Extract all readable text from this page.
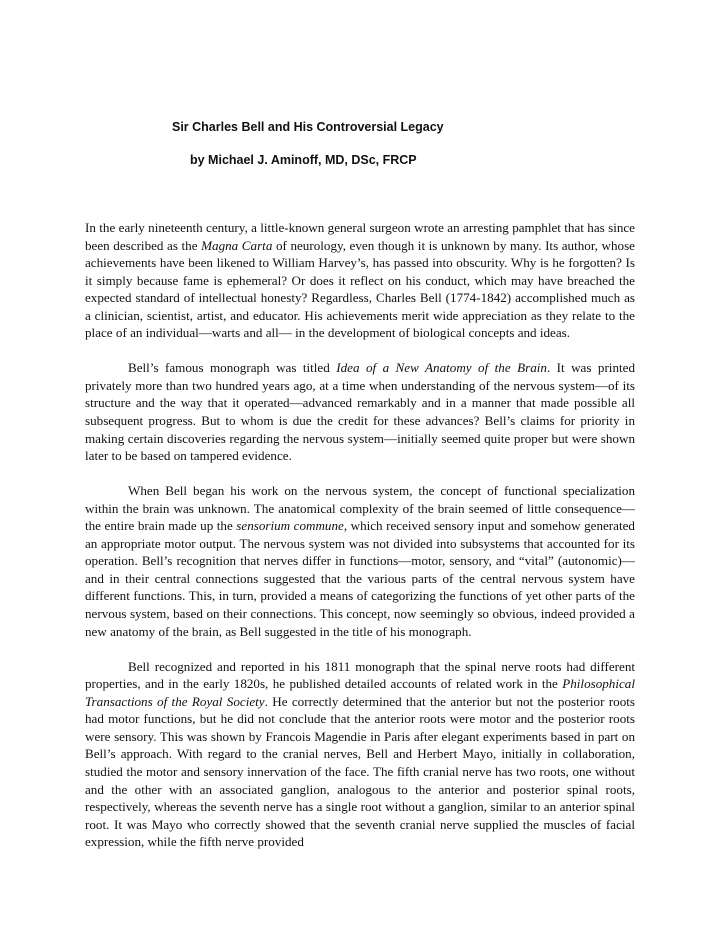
Sir Charles Bell and His Controversial Legacy
by Michael J. Aminoff, MD, DSc, FRCP

In the early nineteenth century, a little-known general surgeon wrote an arresting pamphlet that has since been described as the Magna Carta of neurology, even though it is unknown by many. Its author, whose achievements have been likened to William Harvey’s, has passed into obscurity. Why is he forgotten? Is it simply because fame is ephemeral? Or does it reflect on his conduct, which may have breached the expected standard of intellectual honesty? Regardless, Charles Bell (1774-1842) accomplished much as a clinician, scientist, artist, and educator. His achievements merit wide appreciation as they relate to the place of an individual—warts and all— in the development of biological concepts and ideas.

Bell’s famous monograph was titled Idea of a New Anatomy of the Brain. It was printed privately more than two hundred years ago, at a time when understanding of the nervous system—of its structure and the way that it operated—advanced remarkably and in a manner that made possible all subsequent progress. But to whom is due the credit for these advances? Bell’s claims for priority in making certain discoveries regarding the nervous system—initially seemed quite proper but were shown later to be based on tampered evidence.

When Bell began his work on the nervous system, the concept of functional specialization within the brain was unknown. The anatomical complexity of the brain seemed of little consequence—the entire brain made up the sensorium commune, which received sensory input and somehow generated an appropriate motor output. The nervous system was not divided into subsystems that accounted for its operation. Bell’s recognition that nerves differ in functions—motor, sensory, and “vital” (autonomic)—and in their central connections suggested that the various parts of the central nervous system have different functions. This, in turn, provided a means of categorizing the functions of yet other parts of the nervous system, based on their connections. This concept, now seemingly so obvious, indeed provided a new anatomy of the brain, as Bell suggested in the title of his monograph.

Bell recognized and reported in his 1811 monograph that the spinal nerve roots had different properties, and in the early 1820s, he published detailed accounts of related work in the Philosophical Transactions of the Royal Society. He correctly determined that the anterior but not the posterior roots had motor functions, but he did not conclude that the anterior roots were motor and the posterior roots were sensory. This was shown by Francois Magendie in Paris after elegant experiments based in part on Bell’s approach. With regard to the cranial nerves, Bell and Herbert Mayo, initially in collaboration, studied the motor and sensory innervation of the face. The fifth cranial nerve has two roots, one without and the other with an associated ganglion, analogous to the anterior and posterior spinal roots, respectively, whereas the seventh nerve has a single root without a ganglion, similar to an anterior spinal root. It was Mayo who correctly showed that the seventh cranial nerve supplied the muscles of facial expression, while the fifth nerve provided
